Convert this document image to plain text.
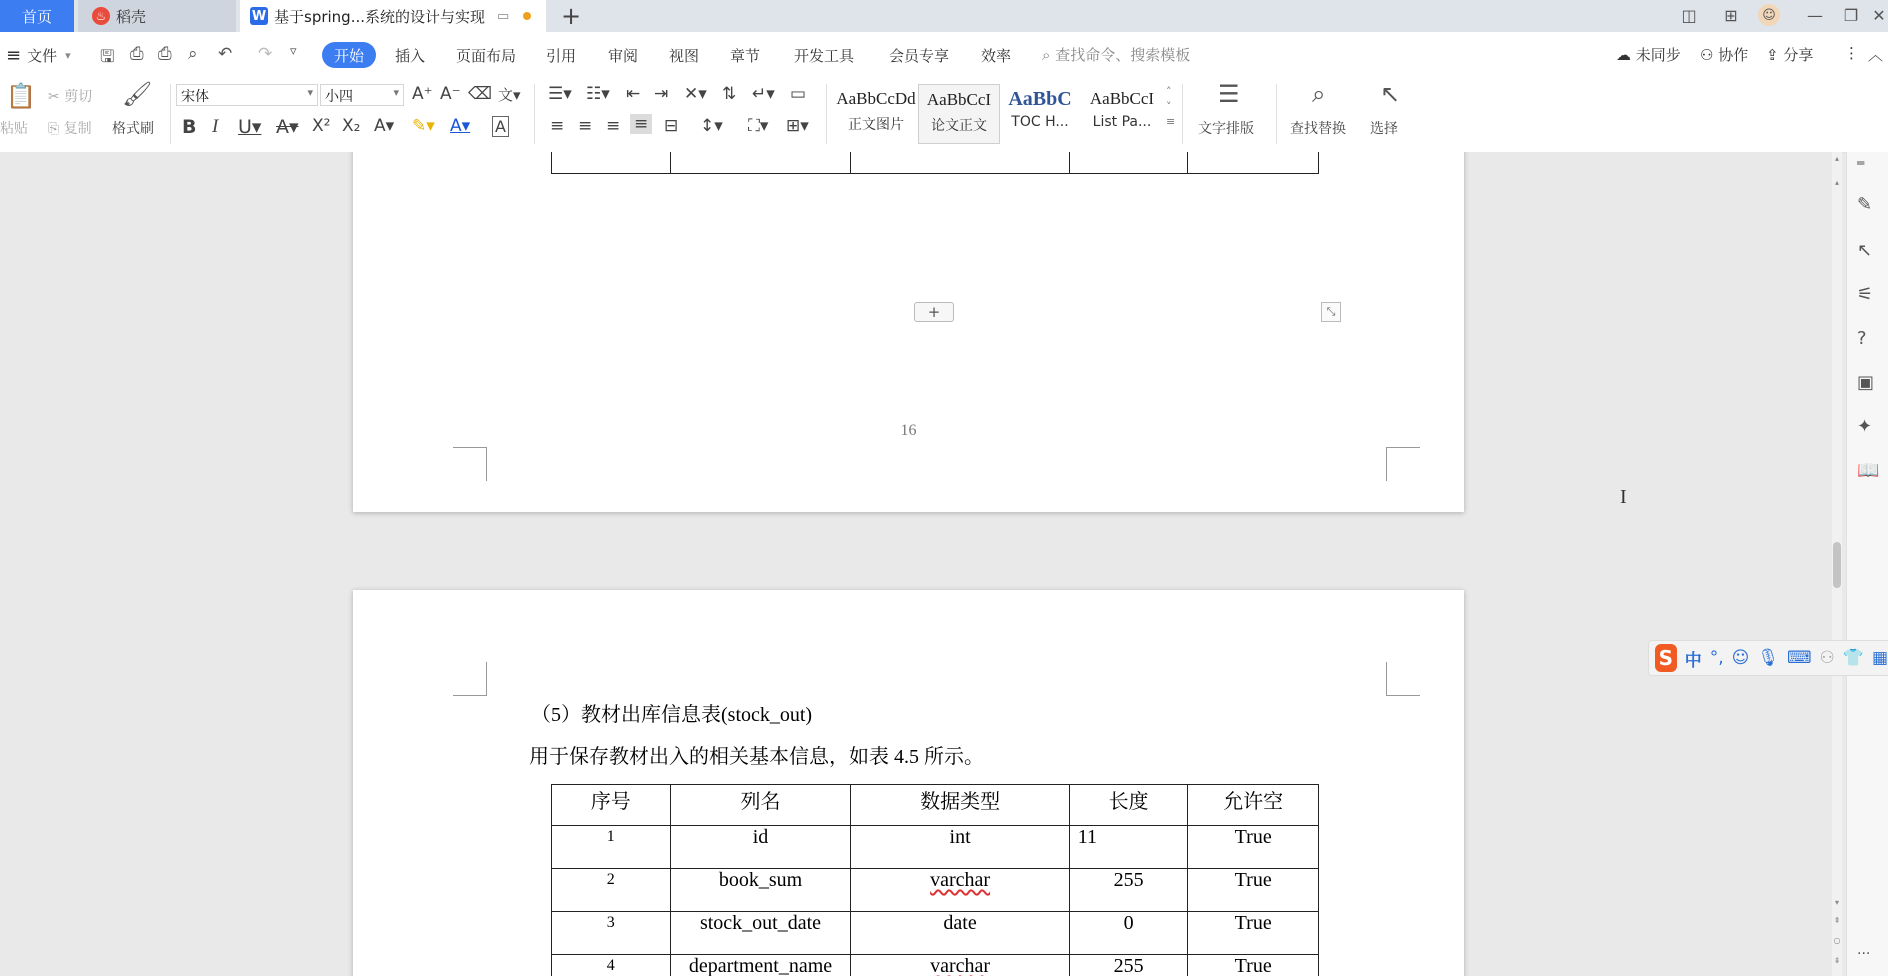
首页	♨ 稻壳	W 基于spring...系统的设计与实现 ▭ +	◫ ⊞	☺ — ❐ ✕
≡ 文件 ▾ 🖫 ⎙ ⎙ ⌕ ↶ ↷ ▿	开始	插入 页面布局 引用 审阅 视图 章节 开发工具 会员专享 效率 ⌕ 查找命令、搜索模板	☁ 未同步 ⚇ 协作 ⇪ 分享 ⋮ ︿
📋
粘贴
✂ 剪切
⎘ 复制
🖌
格式刷
宋体 ▾	小四 ▾	A⁺ A⁻ ⌫ 文▾
B I U▾ A▾ X² X₂ A▾ ✎▾ A▾ A
☰▾ ☷▾ ⇤ ⇥ ✕▾ ⇅ ↵▾ ▭
≡ ≡ ≡ ≡ ⊟ ↕▾ ⛶▾ ⊞▾
AaBbCcDd
正文图片
AaBbCcI
论文正文
AaBbC
TOC H...
AaBbCcI
List Pa...
˄
˅
≡
☰
文字排版
⌕
查找替换
↖
选择

+	⤡
16
（5）教材出库信息表(stock_out)
用于保存教材出入的相关基本信息，如表 4.5 所示。
序号	列名	数据类型	长度	允许空
1	id	int	11	True
2	book_sum	varchar	255	True
3	stock_out_date	date	0	True
4	department_name	varchar	255	True
I
▴
▴
▾
⇞
○
⇟
═
✎
↖
⚟
?
▣
✦
📖
···
S 中 °, ☺ 🎙 ⌨ ⚇ 👕 ▦
